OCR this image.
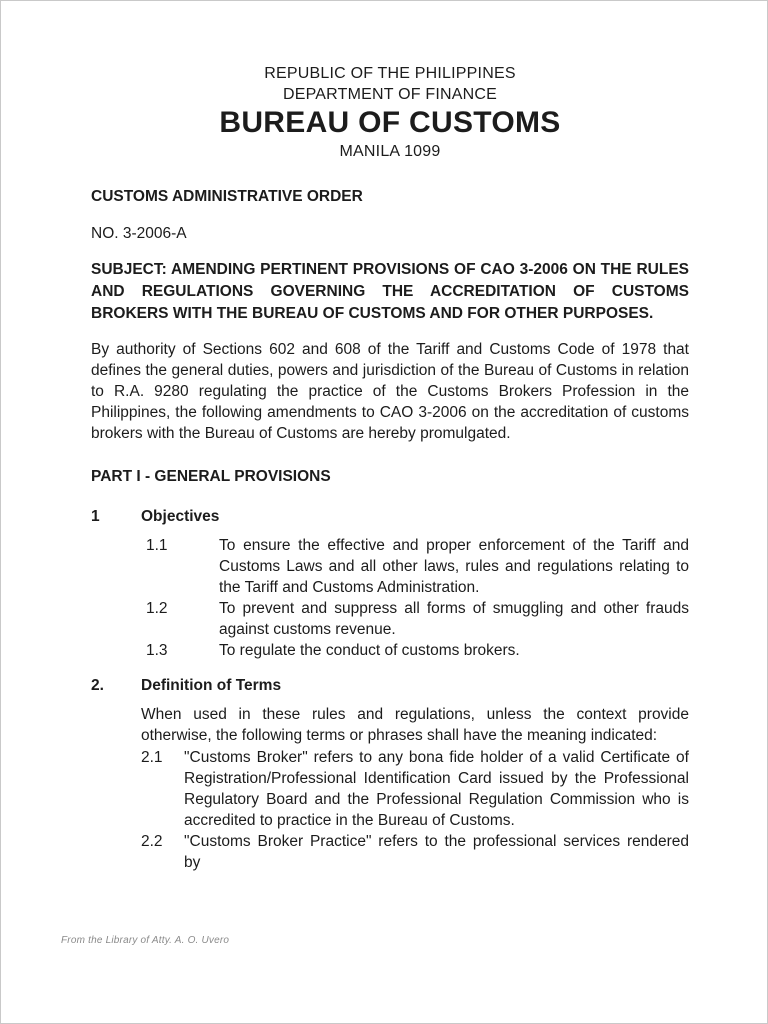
REPUBLIC OF THE PHILIPPINES
DEPARTMENT OF FINANCE
BUREAU OF CUSTOMS
MANILA 1099
CUSTOMS ADMINISTRATIVE ORDER
NO. 3-2006-A
SUBJECT: AMENDING PERTINENT PROVISIONS OF CAO 3-2006 ON THE RULES AND REGULATIONS GOVERNING THE ACCREDITATION OF CUSTOMS BROKERS WITH THE BUREAU OF CUSTOMS AND FOR OTHER PURPOSES.
By authority of Sections 602 and 608 of the Tariff and Customs Code of 1978 that defines the general duties, powers and jurisdiction of the Bureau of Customs in relation to R.A. 9280 regulating the practice of the Customs Brokers Profession in the Philippines, the following amendments to CAO 3-2006 on the accreditation of customs brokers with the Bureau of Customs are hereby promulgated.
PART I - GENERAL PROVISIONS
1	Objectives
1.1	To ensure the effective and proper enforcement of the Tariff and Customs Laws and all other laws, rules and regulations relating to the Tariff and Customs Administration.
1.2	To prevent and suppress all forms of smuggling and other frauds against customs revenue.
1.3	To regulate the conduct of customs brokers.
2.	Definition of Terms
When used in these rules and regulations, unless the context provide otherwise, the following terms or phrases shall have the meaning indicated:
2.1	"Customs Broker" refers to any bona fide holder of a valid Certificate of Registration/Professional Identification Card issued by the Professional Regulatory Board and the Professional Regulation Commission who is accredited to practice in the Bureau of Customs.
2.2	"Customs Broker Practice" refers to the professional services rendered by
From the Library of Atty. A. O. Uvero
